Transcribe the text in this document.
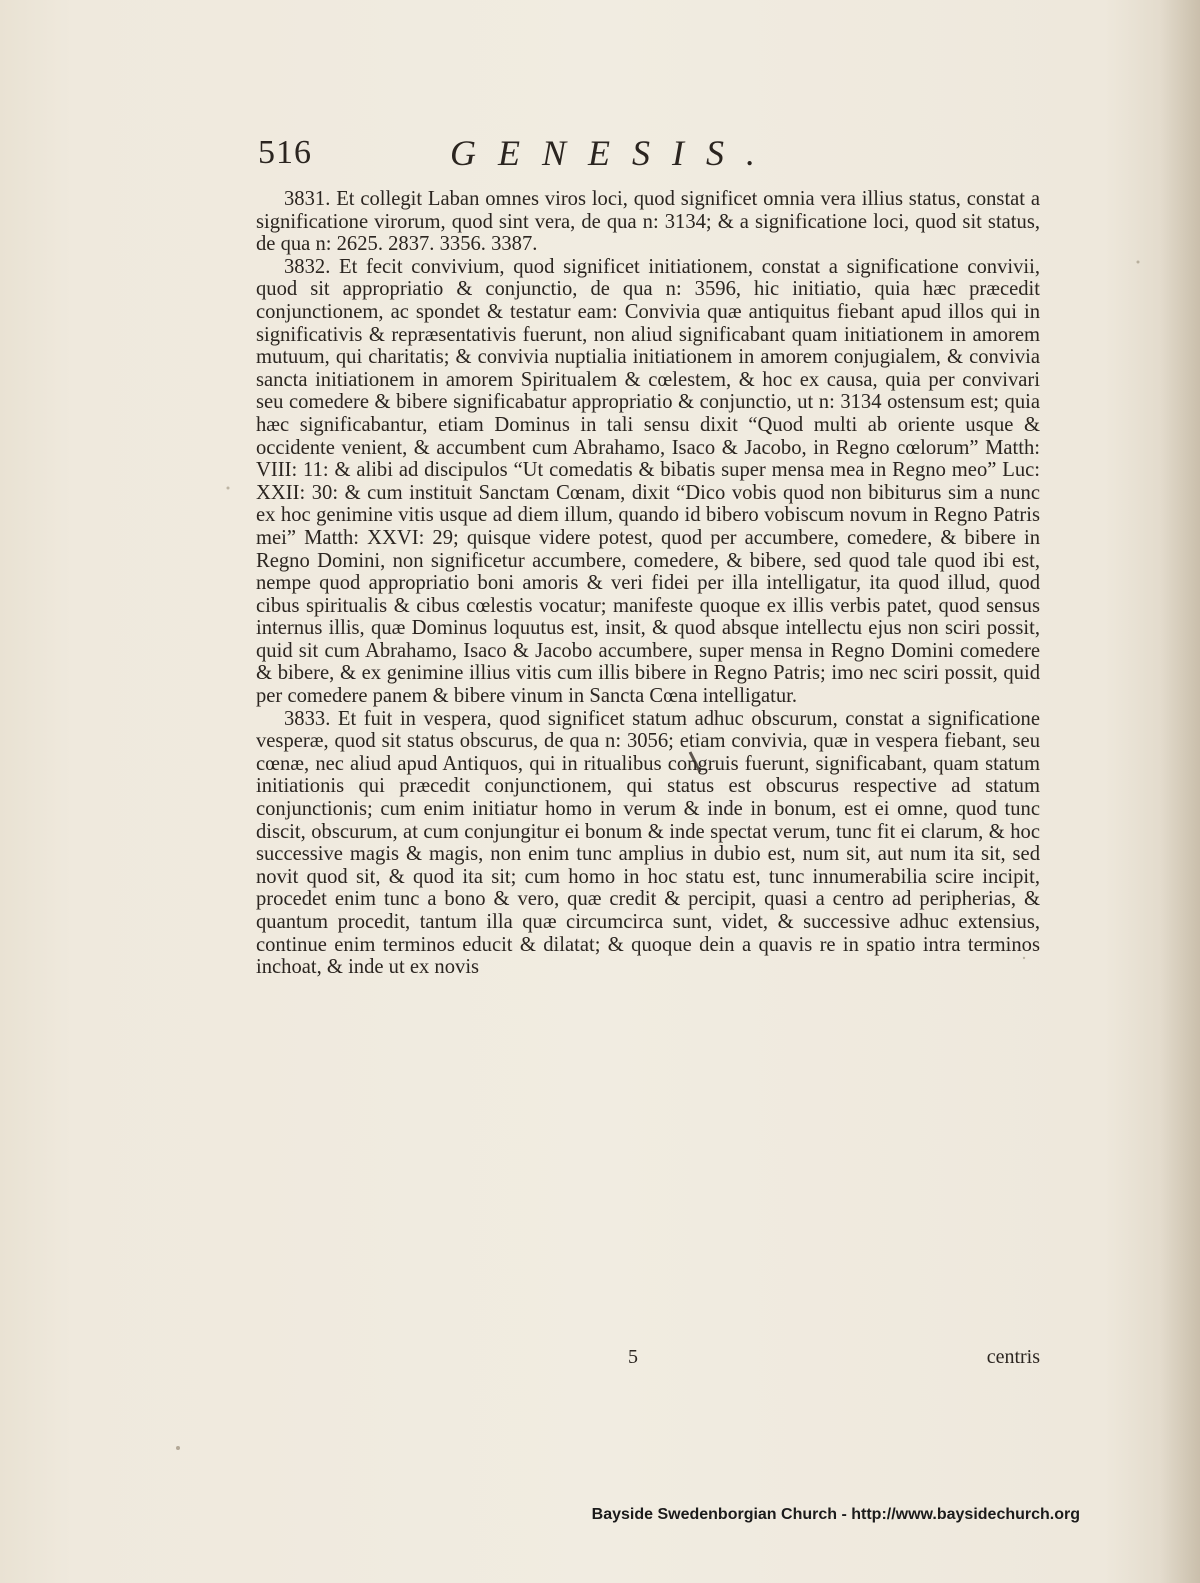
516	GENESIS.

3831. Et collegit Laban omnes viros loci, quod significet omnia vera illius status, constat a significatione virorum, quod sint vera, de qua n: 3134; & a significatione loci, quod sit status, de qua n: 2625. 2837. 3356. 3387.

3832. Et fecit convivium, quod significet initiationem, constat a significatione convivii, quod sit appropriatio & conjunctio, de qua n: 3596, hic initiatio, quia hæc præcedit conjunctionem, ac spondet & testatur eam: Convivia quæ antiquitus fiebant apud illos qui in significativis & repræsentativis fuerunt, non aliud significabant quam initiationem in amorem mutuum, qui charitatis; & convivia nuptialia initiationem in amorem conjugialem, & convivia sancta initiationem in amorem Spiritualem & cœlestem, & hoc ex causa, quia per convivari seu comedere & bibere significabatur appropriatio & conjunctio, ut n: 3134 ostensum est; quia hæc significabantur, etiam Dominus in tali sensu dixit “Quod multi ab oriente usque & occidente venient, & accumbent cum Abrahamo, Isaco & Jacobo, in Regno cœlorum” Matth: VIII: 11: & alibi ad discipulos “Ut comedatis & bibatis super mensa mea in Regno meo” Luc: XXII: 30: & cum instituit Sanctam Cœnam, dixit “Dico vobis quod non bibiturus sim a nunc ex hoc genimine vitis usque ad diem illum, quando id bibero vobiscum novum in Regno Patris mei” Matth: XXVI: 29; quisque videre potest, quod per accumbere, comedere, & bibere in Regno Domini, non significetur accumbere, comedere, & bibere, sed quod tale quod ibi est, nempe quod appropriatio boni amoris & veri fidei per illa intelligatur, ita quod illud, quod cibus spiritualis & cibus cœlestis vocatur; manifeste quoque ex illis verbis patet, quod sensus internus illis, quæ Dominus loquutus est, insit, & quod absque intellectu ejus non sciri possit, quid sit cum Abrahamo, Isaco & Jacobo accumbere, super mensa in Regno Domini comedere & bibere, & ex genimine illius vitis cum illis bibere in Regno Patris; imo nec sciri possit, quid per comedere panem & bibere vinum in Sancta Cœna intelligatur.

3833. Et fuit in vespera, quod significet statum adhuc obscurum, constat a significatione vesperæ, quod sit status obscurus, de qua n: 3056; etiam convivia, quæ in vespera fiebant, seu cœnæ, nec aliud apud Antiquos, qui in ritualibus congruis fuerunt, significabant, quam statum initiationis qui præcedit conjunctionem, qui status est obscurus respective ad statum conjunctionis; cum enim initiatur homo in verum & inde in bonum, est ei omne, quod tunc discit, obscurum, at cum conjungitur ei bonum & inde spectat verum, tunc fit ei clarum, & hoc successive magis & magis, non enim tunc amplius in dubio est, num sit, aut num ita sit, sed novit quod sit, & quod ita sit; cum homo in hoc statu est, tunc innumerabilia scire incipit, procedet enim tunc a bono & vero, quæ credit & percipit, quasi a centro ad peripherias, & quantum procedit, tantum illa quæ circumcirca sunt, videt, & successive adhuc extensius, continue enim terminos educit & dilatat; & quoque dein a quavis re in spatio intra terminos inchoat, & inde ut ex novis

5	centris
Bayside Swedenborgian Church - http://www.baysidechurch.org
